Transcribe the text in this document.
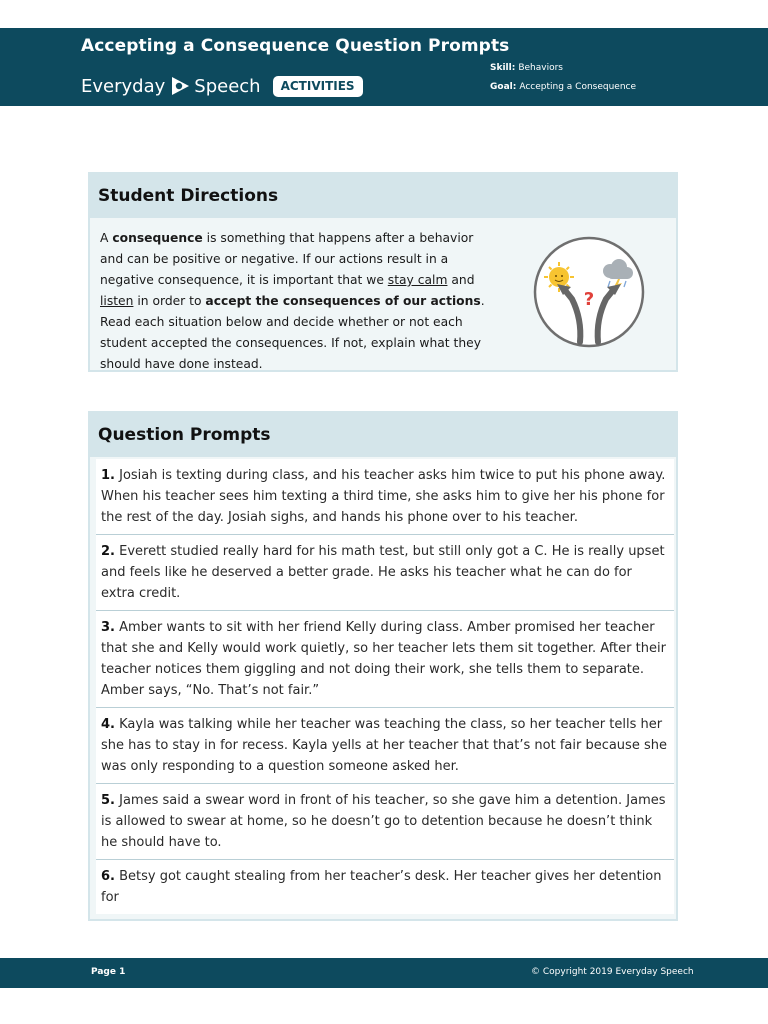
Accepting a Consequence Question Prompts
Everyday Speech	ACTIVITIES
Skill: Behaviors
Goal: Accepting a Consequence
Student Directions
A consequence is something that happens after a behavior and can be positive or negative. If our actions result in a negative consequence, it is important that we stay calm and listen in order to accept the consequences of our actions. Read each situation below and decide whether or not each student accepted the consequences. If not, explain what they should have done instead.
?
Question Prompts
1. Josiah is texting during class, and his teacher asks him twice to put his phone away. When his teacher sees him texting a third time, she asks him to give her his phone for the rest of the day. Josiah sighs, and hands his phone over to his teacher.
2. Everett studied really hard for his math test, but still only got a C. He is really upset and feels like he deserved a better grade. He asks his teacher what he can do for extra credit.
3. Amber wants to sit with her friend Kelly during class. Amber promised her teacher that she and Kelly would work quietly, so her teacher lets them sit together. After their teacher notices them giggling and not doing their work, she tells them to separate. Amber says, “No. That’s not fair.”
4. Kayla was talking while her teacher was teaching the class, so her teacher tells her she has to stay in for recess. Kayla yells at her teacher that that’s not fair because she was only responding to a question someone asked her.
5. James said a swear word in front of his teacher, so she gave him a detention. James is allowed to swear at home, so he doesn’t go to detention because he doesn’t think he should have to.
6. Betsy got caught stealing from her teacher’s desk. Her teacher gives her detention for
Page 1	© Copyright 2019 Everyday Speech
